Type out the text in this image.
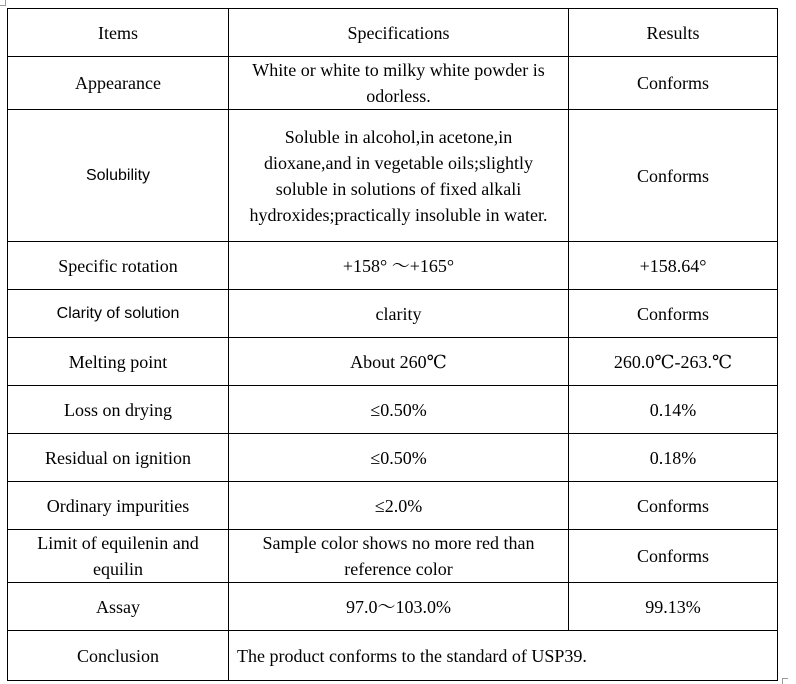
Items	Specifications	Results
Appearance	White or white to milky white powder is odorless.	Conforms
Solubility	Soluble in alcohol,in acetone,in dioxane,and in vegetable oils;slightly soluble in solutions of fixed alkali hydroxides;practically insoluble in water.	Conforms
Specific rotation	+158° ～+165°	+158.64°
Clarity of solution	clarity	Conforms
Melting point	About 260℃	260.0℃-263.℃
Loss on drying	≤0.50%	0.14%
Residual on ignition	≤0.50%	0.18%
Ordinary impurities	≤2.0%	Conforms
Limit of equilenin and equilin	Sample color shows no more red than reference color	Conforms
Assay	97.0～103.0%	99.13%
Conclusion	The product conforms to the standard of USP39.	
